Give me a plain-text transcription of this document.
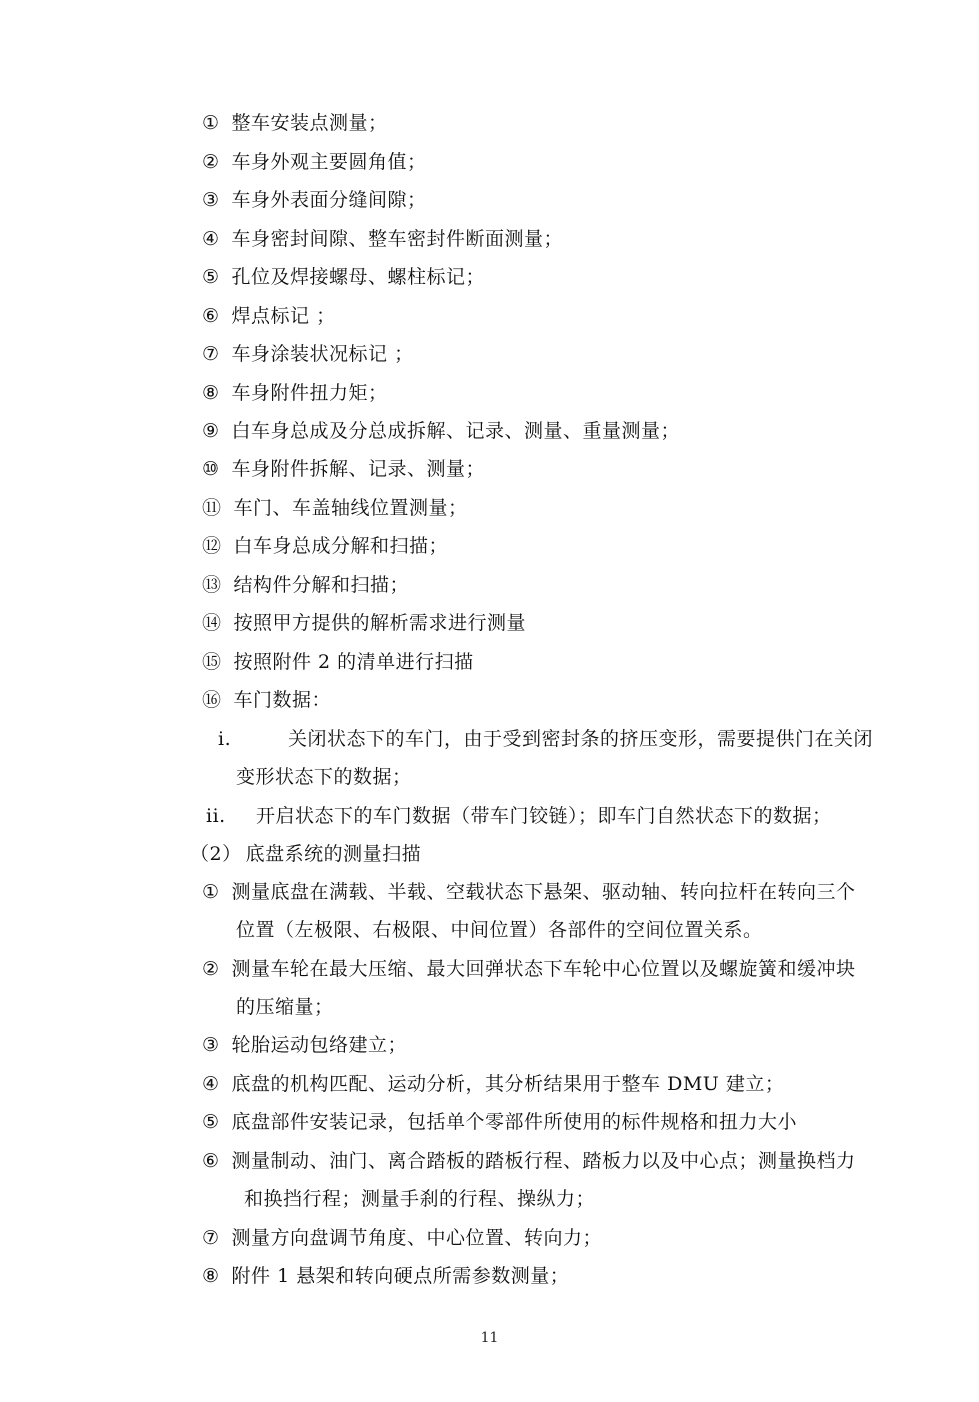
① 整车安装点测量；
② 车身外观主要圆角值；
③ 车身外表面分缝间隙；
④ 车身密封间隙、整车密封件断面测量；
⑤ 孔位及焊接螺母、螺柱标记；
⑥ 焊点标记 ；
⑦ 车身涂装状况标记 ；
⑧ 车身附件扭力矩；
⑨ 白车身总成及分总成拆解、记录、测量、重量测量；
⑩ 车身附件拆解、记录、测量；
⑪ 车门、车盖轴线位置测量；
⑫ 白车身总成分解和扫描；
⑬ 结构件分解和扫描；
⑭ 按照甲方提供的解析需求进行测量
⑮ 按照附件 2 的清单进行扫描
⑯ 车门数据：
i.	关闭状态下的车门，由于受到密封条的挤压变形，需要提供门在关闭
变形状态下的数据；
ii. 开启状态下的车门数据（带车门铰链）；即车门自然状态下的数据；
（2） 底盘系统的测量扫描
① 测量底盘在满载、半载、空载状态下悬架、驱动轴、转向拉杆在转向三个
位置（左极限、右极限、中间位置）各部件的空间位置关系。
② 测量车轮在最大压缩、最大回弹状态下车轮中心位置以及螺旋簧和缓冲块
的压缩量；
③ 轮胎运动包络建立；
④ 底盘的机构匹配、运动分析，其分析结果用于整车 DMU 建立；
⑤ 底盘部件安装记录，包括单个零部件所使用的标件规格和扭力大小
⑥ 测量制动、油门、离合踏板的踏板行程、踏板力以及中心点；测量换档力
和换挡行程；测量手刹的行程、操纵力；
⑦ 测量方向盘调节角度、中心位置、转向力；
⑧ 附件 1 悬架和转向硬点所需参数测量；
11
